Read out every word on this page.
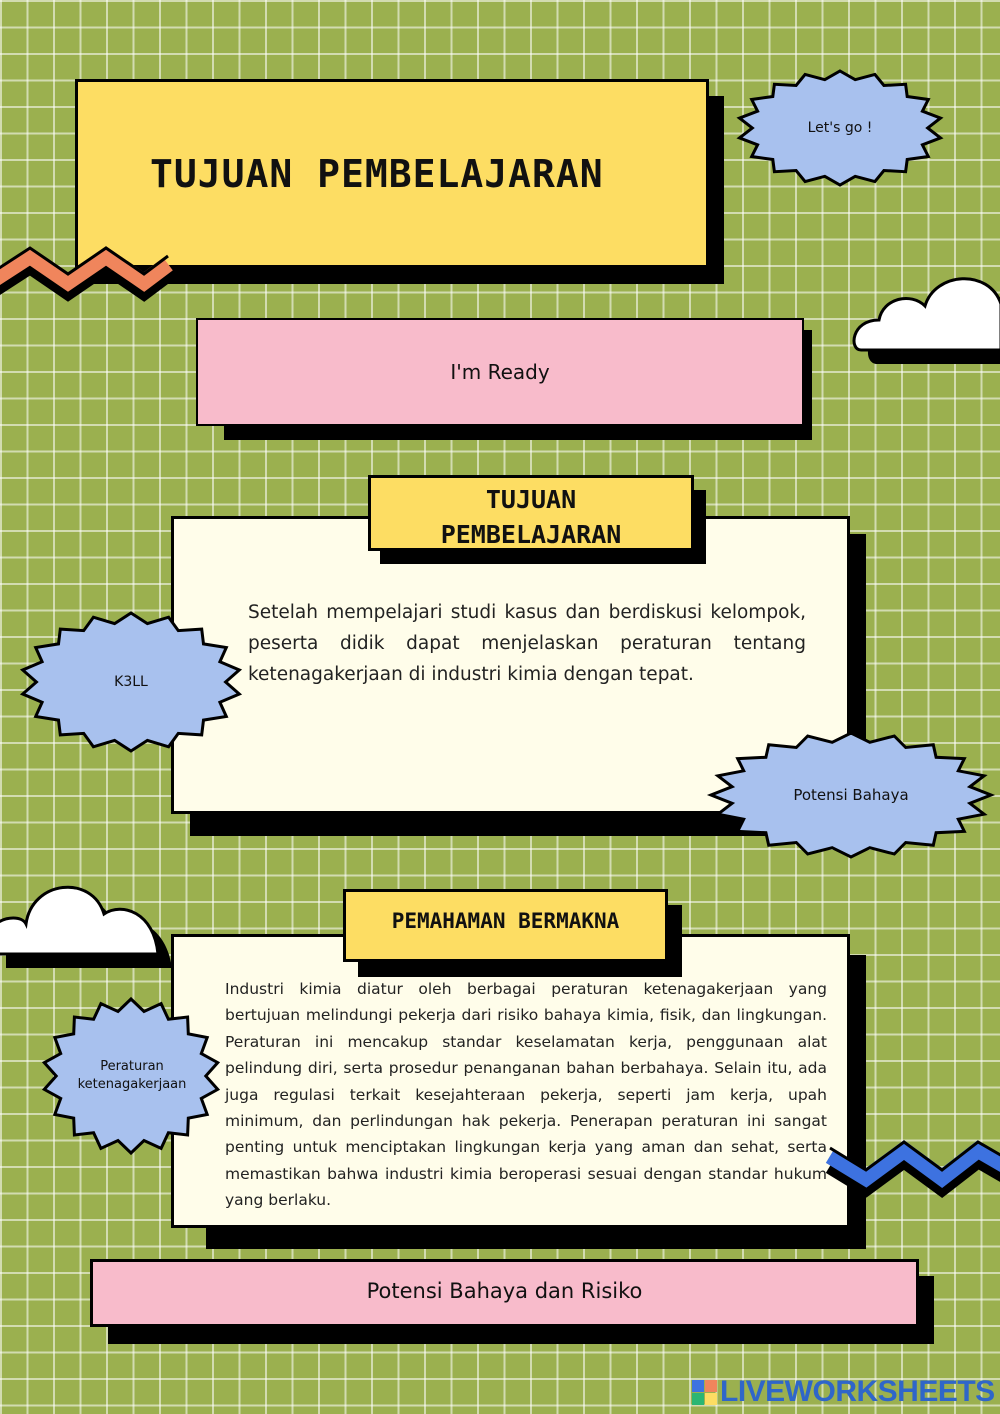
TUJUAN PEMBELAJARAN
Let's go !
I'm Ready
Setelah mempelajari studi kasus dan berdiskusi kelompok, peserta didik dapat menjelaskan peraturan tentang ketenagakerjaan di industri kimia dengan tepat.
TUJUAN PEMBELAJARAN
K3LL
Potensi Bahaya
Industri kimia diatur oleh berbagai peraturan ketenagakerjaan yang bertujuan melindungi pekerja dari risiko bahaya kimia, fisik, dan lingkungan. Peraturan ini mencakup standar keselamatan kerja, penggunaan alat pelindung diri, serta prosedur penanganan bahan berbahaya. Selain itu, ada juga regulasi terkait kesejahteraan pekerja, seperti jam kerja, upah minimum, dan perlindungan hak pekerja. Penerapan peraturan ini sangat penting untuk menciptakan lingkungan kerja yang aman dan sehat, serta memastikan bahwa industri kimia beroperasi sesuai dengan standar hukum yang berlaku.
PEMAHAMAN BERMAKNA
Peraturan ketenagakerjaan
Potensi Bahaya dan Risiko
LIVEWORKSHEETS
